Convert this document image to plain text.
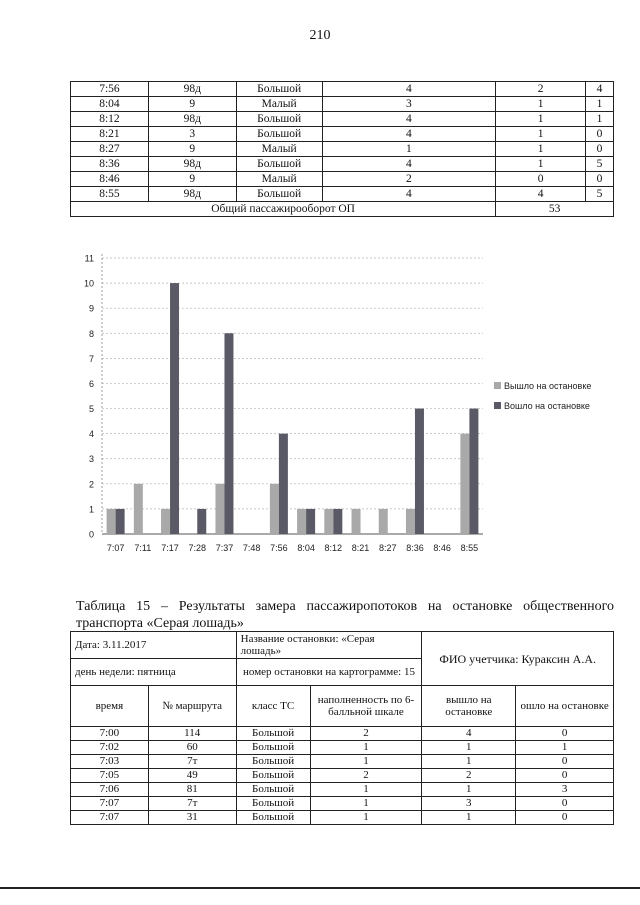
210
7:56	98д	Большой	4	2	4
8:04	9	Малый	3	1	1
8:12	98д	Большой	4	1	1
8:21	3	Большой	4	1	0
8:27	9	Малый	1	1	0
8:36	98д	Большой	4	1	5
8:46	9	Малый	2	0	0
8:55	98д	Большой	4	4	5
Общий пассажирооборот ОП				53	
0
1
2
3
4
5
6
7
8
9
10
11
7:07 7:11 7:17 7:28 7:37 7:48 7:56 8:04 8:12 8:21 8:27 8:36 8:46 8:55
Вышло на остановке
Вошло на остановке
Таблица 15 – Результаты замера пассажиропотоков на остановке общественного транспорта «Серая лошадь»
Дата: 3.11.2017		Название остановки: «Серая лошадь»		ФИО учетчика: Кураксин А.А.	
день недели: пятница		номер остановки на картограмме: 15			
время	№ маршрута	класс ТС	наполненность по 6-балльной шкале	вышло на остановке	ошло на остановке
7:00	114	Большой	2	4	0
7:02	60	Большой	1	1	1
7:03	7т	Большой	1	1	0
7:05	49	Большой	2	2	0
7:06	81	Большой	1	1	3
7:07	7т	Большой	1	3	0
7:07	31	Большой	1	1	0
